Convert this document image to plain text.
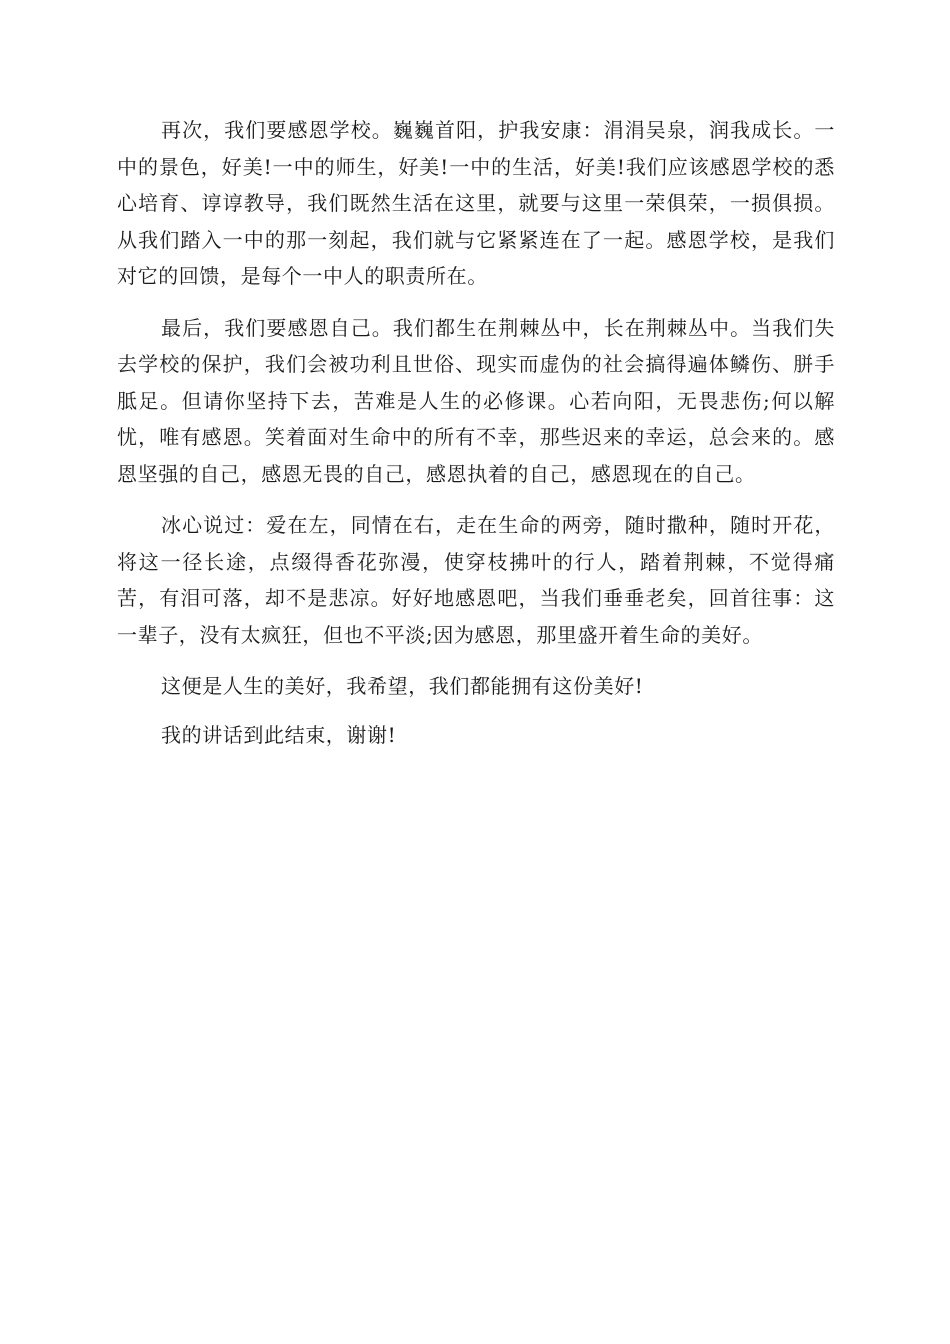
再次，我们要感恩学校。巍巍首阳，护我安康：涓涓吴泉，润我成长。一中的景色，好美!一中的师生，好美!一中的生活，好美!我们应该感恩学校的悉心培育、谆谆教导，我们既然生活在这里，就要与这里一荣俱荣，一损俱损。从我们踏入一中的那一刻起，我们就与它紧紧连在了一起。感恩学校，是我们对它的回馈，是每个一中人的职责所在。

最后，我们要感恩自己。我们都生在荆棘丛中，长在荆棘丛中。当我们失去学校的保护，我们会被功利且世俗、现实而虚伪的社会搞得遍体鳞伤、胼手胝足。但请你坚持下去，苦难是人生的必修课。心若向阳，无畏悲伤;何以解忧，唯有感恩。笑着面对生命中的所有不幸，那些迟来的幸运，总会来的。感恩坚强的自己，感恩无畏的自己，感恩执着的自己，感恩现在的自己。

冰心说过：爱在左，同情在右，走在生命的两旁，随时撒种，随时开花，将这一径长途，点缀得香花弥漫，使穿枝拂叶的行人，踏着荆棘，不觉得痛苦，有泪可落，却不是悲凉。好好地感恩吧，当我们垂垂老矣，回首往事：这一辈子，没有太疯狂，但也不平淡;因为感恩，那里盛开着生命的美好。

这便是人生的美好，我希望，我们都能拥有这份美好!

我的讲话到此结束，谢谢!
